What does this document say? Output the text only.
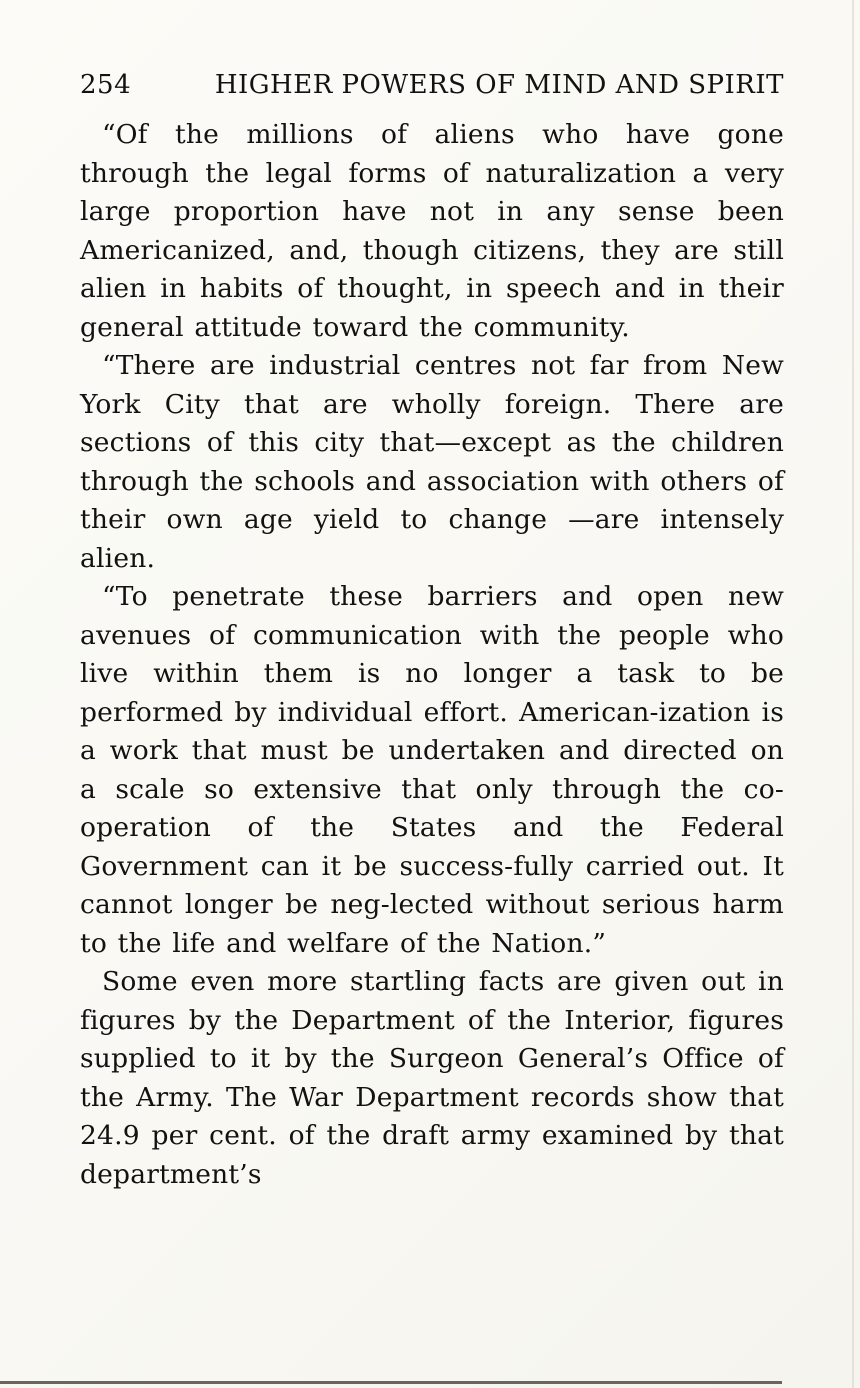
254	HIGHER POWERS OF MIND AND SPIRIT

“Of the millions of aliens who have gone through the legal forms of naturalization a very large proportion have not in any sense been Americanized, and, though citizens, they are still alien in habits of thought, in speech and in their general attitude toward the community.

“There are industrial centres not far from New York City that are wholly foreign. There are sections of this city that—except as the children through the schools and association with others of their own age yield to change —are intensely alien.

“To penetrate these barriers and open new avenues of communication with the people who live within them is no longer a task to be performed by individual effort. American-ization is a work that must be undertaken and directed on a scale so extensive that only through the co-operation of the States and the Federal Government can it be success-fully carried out. It cannot longer be neg-lected without serious harm to the life and welfare of the Nation.”

Some even more startling facts are given out in figures by the Department of the Interior, figures supplied to it by the Surgeon General’s Office of the Army. The War Department records show that 24.9 per cent. of the draft army examined by that department’s
